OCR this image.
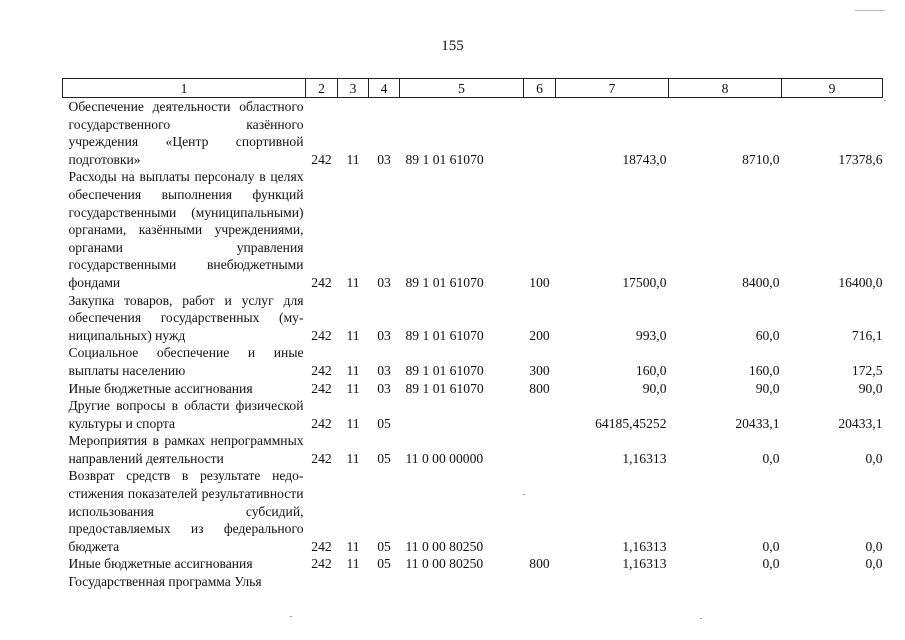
155
1	2	3	4	5	6	7	8	9
Обеспечение деятельности областного государственного казённого учреждения «Центр спортивной подготовки»	242	11	03	89 1 01 61070		18743,0	8710,0	17378,6
Расходы на выплаты персоналу в целях обеспечения выполнения функций государственными (муниципальными) органами, казёнными учреждениями, органами управления государственными внебюджетными фондами	242	11	03	89 1 01 61070	100	17500,0	8400,0	16400,0
Закупка товаров, работ и услуг для обеспечения государственных (муниципальных) нужд	242	11	03	89 1 01 61070	200	993,0	60,0	716,1
Социальное обеспечение и иные выплаты населению	242	11	03	89 1 01 61070	300	160,0	160,0	172,5
Иные бюджетные ассигнования	242	11	03	89 1 01 61070	800	90,0	90,0	90,0
Другие вопросы в области физической культуры и спорта	242	11	05			64185,45252	20433,1	20433,1
Мероприятия в рамках непрограммных направлений деятельности	242	11	05	11 0 00 00000		1,16313	0,0	0,0
Возврат средств в результате недостижения показателей результативности использования субсидий, предоставляемых из федерального бюджета	242	11	05	11 0 00 80250		1,16313	0,0	0,0
Иные бюджетные ассигнования	242	11	05	11 0 00 80250	800	1,16313	0,0	0,0
Государственная программа Улья								
